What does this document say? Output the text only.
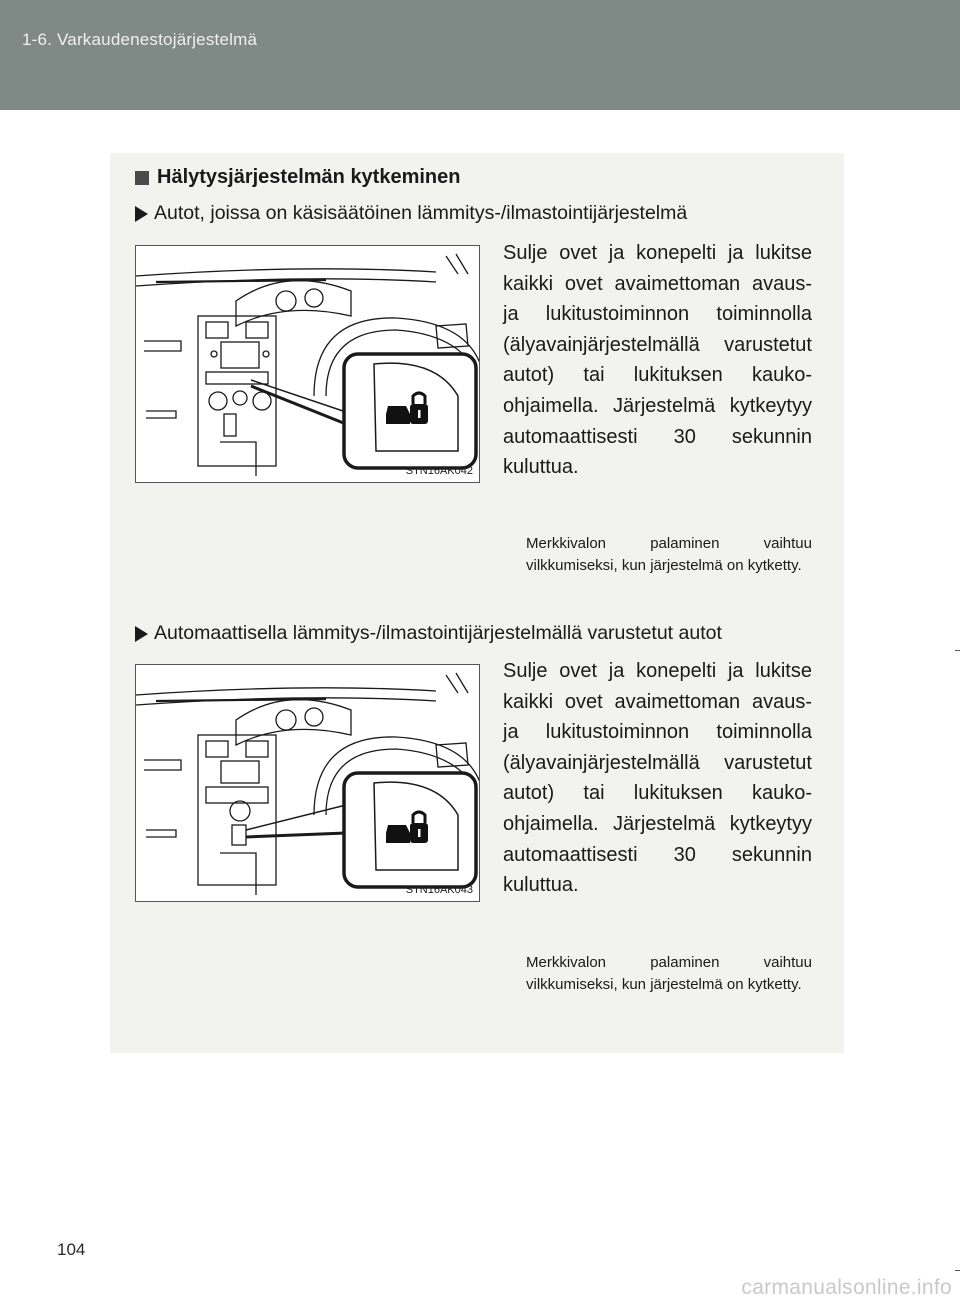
1-6. Varkaudenestojärjestelmä
Hälytysjärjestelmän kytkeminen
Autot, joissa on käsisäätöinen lämmitys-/ilmastointijärjestelmä
STN16AK042
Sulje ovet ja konepelti ja lukitse kaikki ovet avaimettoman avaus- ja lukitustoiminnon toiminnolla (älyavainjärjestelmällä varustetut autot) tai lukituksen kauko-ohjaimella. Järjestelmä kytkeytyy automaattisesti 30 sekunnin kuluttua.
Merkkivalon palaminen vaihtuu vilkkumiseksi, kun järjestelmä on kytketty.
Automaattisella lämmitys-/ilmastointijärjestelmällä varustetut autot
STN16AK043
Sulje ovet ja konepelti ja lukitse kaikki ovet avaimettoman avaus- ja lukitustoiminnon toiminnolla (älyavainjärjestelmällä varustetut autot) tai lukituksen kauko-ohjaimella. Järjestelmä kytkeytyy automaattisesti 30 sekunnin kuluttua.
Merkkivalon palaminen vaihtuu vilkkumiseksi, kun järjestelmä on kytketty.
104
carmanualsonline.info
